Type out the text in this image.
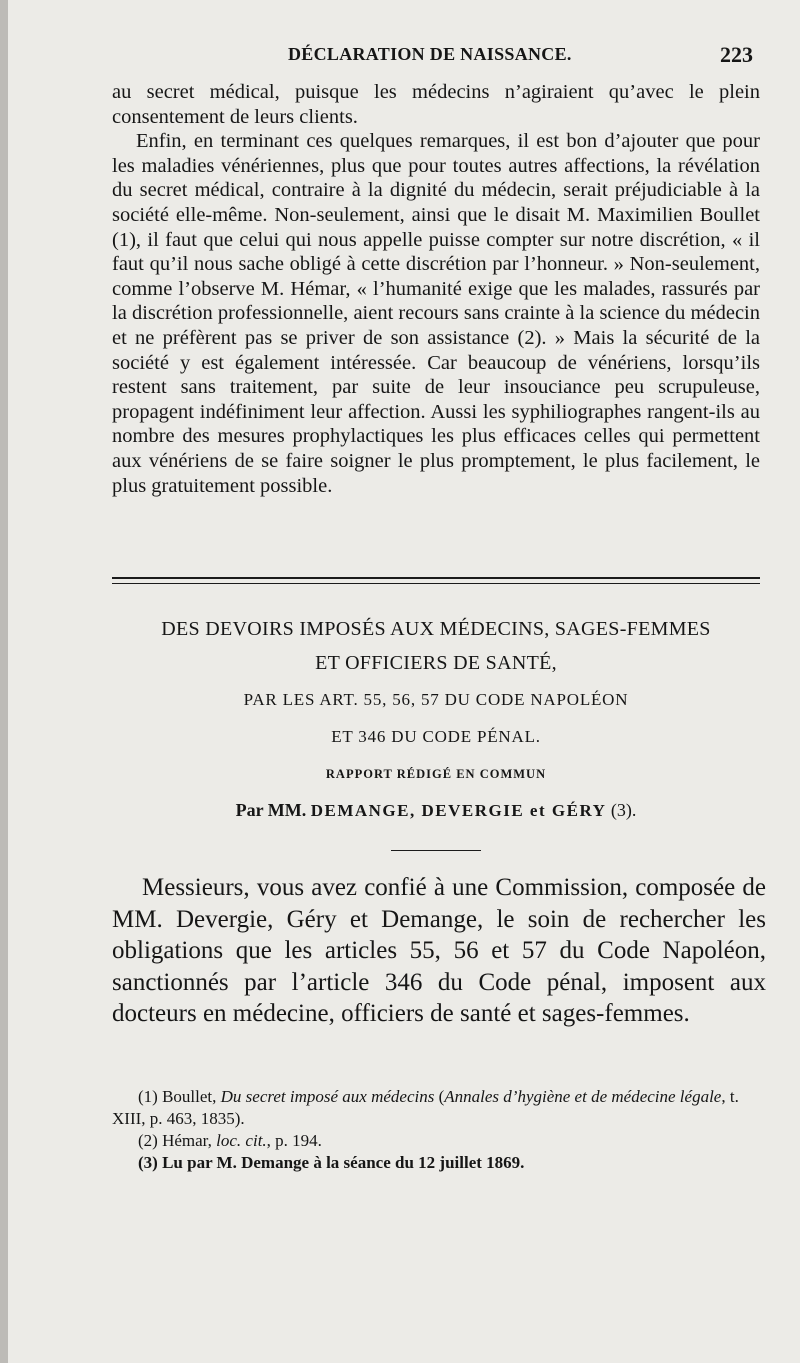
DÉCLARATION DE NAISSANCE.	223

au secret médical, puisque les médecins n’agiraient qu’avec le plein consentement de leurs clients.

Enfin, en terminant ces quelques remarques, il est bon d’ajouter que pour les maladies vénériennes, plus que pour toutes autres affections, la révélation du secret médical, contraire à la dignité du médecin, serait préjudiciable à la société elle-même. Non-seulement, ainsi que le disait M. Maximilien Boullet (1), il faut que celui qui nous appelle puisse compter sur notre discrétion, « il faut qu’il nous sache obligé à cette discrétion par l’honneur. » Non-seulement, comme l’observe M. Hémar, « l’humanité exige que les malades, rassurés par la discrétion professionnelle, aient recours sans crainte à la science du médecin et ne préfèrent pas se priver de son assistance (2). » Mais la sécurité de la société y est également intéressée. Car beaucoup de vénériens, lorsqu’ils restent sans traitement, par suite de leur insouciance peu scrupuleuse, propagent indéfiniment leur affection. Aussi les syphiliographes rangent-ils au nombre des mesures prophylactiques les plus efficaces celles qui permettent aux vénériens de se faire soigner le plus promptement, le plus facilement, le plus gratuitement possible.

DES DEVOIRS IMPOSÉS AUX MÉDECINS, SAGES-FEMMES
ET OFFICIERS DE SANTÉ,
PAR LES ART. 55, 56, 57 DU CODE NAPOLÉON
ET 346 DU CODE PÉNAL.
RAPPORT RÉDIGÉ EN COMMUN
Par MM. DEMANGE, DEVERGIE et GÉRY (3).

Messieurs, vous avez confié à une Commission, composée de MM. Devergie, Géry et Demange, le soin de rechercher les obligations que les articles 55, 56 et 57 du Code Napoléon, sanctionnés par l’article 346 du Code pénal, imposent aux docteurs en médecine, officiers de santé et sages-femmes.

(1) Boullet, Du secret imposé aux médecins (Annales d’hygiène et de médecine légale, t. XIII, p. 463, 1835).

(2) Hémar, loc. cit., p. 194.

(3) Lu par M. Demange à la séance du 12 juillet 1869.
